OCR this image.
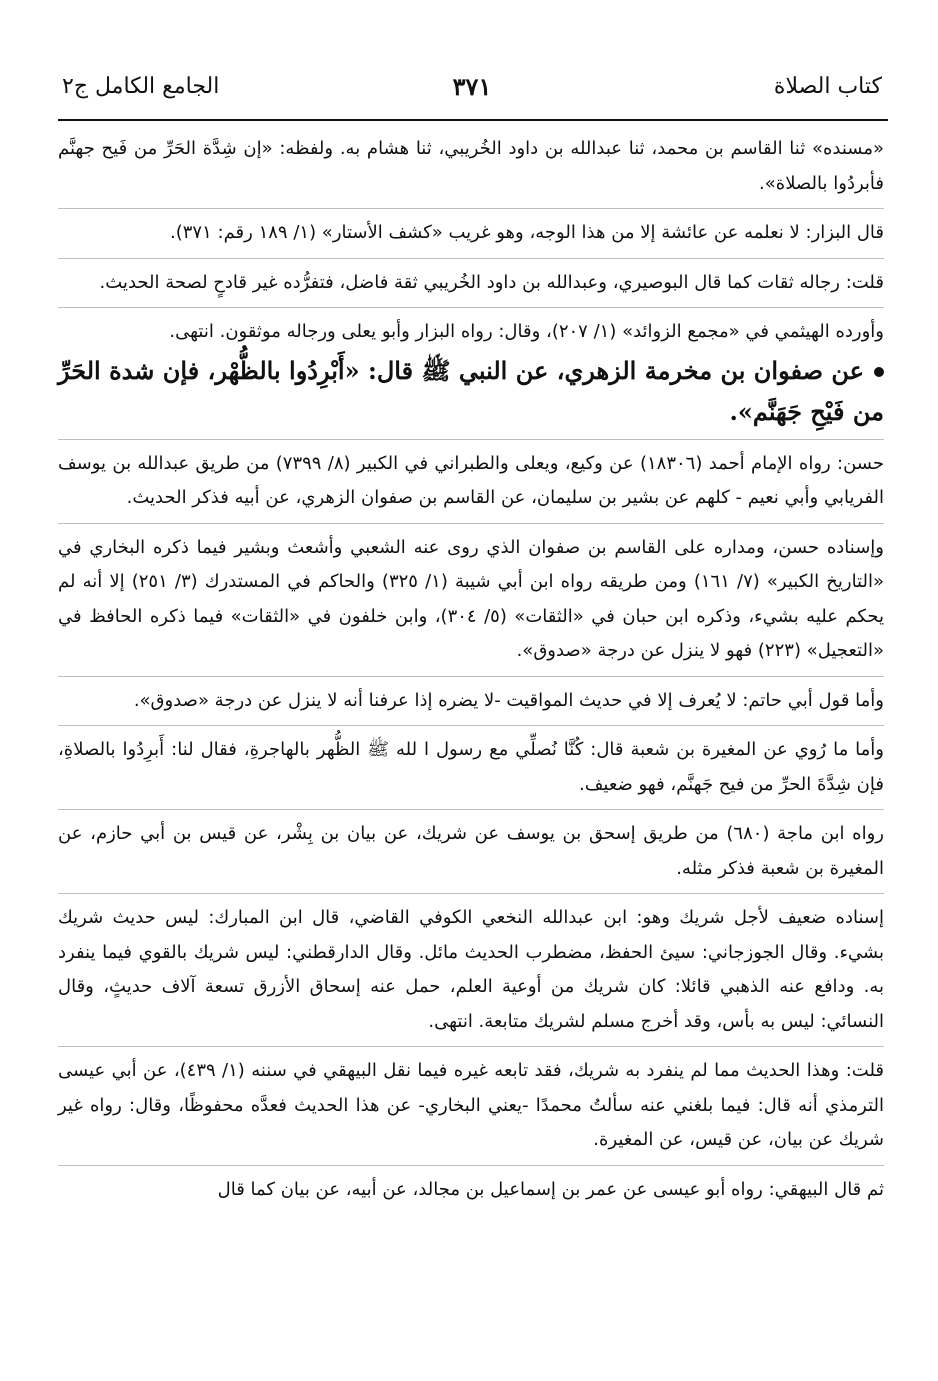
كتاب الصلاة
٣٧١
الجامع الكامل ج٢

«مسنده» ثنا القاسم بن محمد، ثنا عبدالله بن داود الخُريبي، ثنا هشام به. ولفظه: «إن شِدَّة الحَرِّ من فَيح جهنَّم فأبردُوا بالصلاة».

قال البزار: لا نعلمه عن عائشة إلا من هذا الوجه، وهو غريب «كشف الأستار» (١/ ١٨٩ رقم: ٣٧١).

قلت: رجاله ثقات كما قال البوصيري، وعبدالله بن داود الخُريبي ثقة فاضل، فتفرُّده غير قادحٍ لصحة الحديث.

وأورده الهيثمي في «مجمع الزوائد» (١/ ٢٠٧)، وقال: رواه البزار وأبو يعلى ورجاله موثقون. انتهى.

عن صفوان بن مخرمة الزهري، عن النبي ﷺ قال: «أَبْرِدُوا بالظُّهْر، فإن شدة الحَرِّ من فَيْحِ جَهَنَّم».

حسن: رواه الإمام أحمد (١٨٣٠٦) عن وكيع، ويعلى والطبراني في الكبير (٨/ ٧٣٩٩) من طريق عبدالله بن يوسف الفريابي وأبي نعيم - كلهم عن بشير بن سليمان، عن القاسم بن صفوان الزهري، عن أبيه فذكر الحديث.

وإسناده حسن، ومداره على القاسم بن صفوان الذي روى عنه الشعبي وأشعث وبشير فيما ذكره البخاري في «التاريخ الكبير» (٧/ ١٦١) ومن طريقه رواه ابن أبي شيبة (١/ ٣٢٥) والحاكم في المستدرك (٣/ ٢٥١) إلا أنه لم يحكم عليه بشيء، وذكره ابن حبان في «الثقات» (٥/ ٣٠٤)، وابن خلفون في «الثقات» فيما ذكره الحافظ في «التعجيل» (٢٢٣) فهو لا ينزل عن درجة «صدوق».

وأما قول أبي حاتم: لا يُعرف إلا في حديث المواقيت -لا يضره إذا عرفنا أنه لا ينزل عن درجة «صدوق».

وأما ما رُوي عن المغيرة بن شعبة قال: كُنَّا نُصلِّي مع رسول ا لله ﷺ الظُّهر بالهاجرةِ، فقال لنا: أَبرِدُوا بالصلاةِ، فإن شِدَّةَ الحرِّ من فيح جَهنَّم، فهو ضعيف.

رواه ابن ماجة (٦٨٠) من طريق إسحق بن يوسف عن شريك، عن بيان بن بِشْر، عن قيس بن أبي حازم، عن المغيرة بن شعبة فذكر مثله.

إسناده ضعيف لأجل شريك وهو: ابن عبدالله النخعي الكوفي القاضي، قال ابن المبارك: ليس حديث شريك بشيء. وقال الجوزجاني: سيئ الحفظ، مضطرب الحديث مائل. وقال الدارقطني: ليس شريك بالقوي فيما ينفرد به. ودافع عنه الذهبي قائلا: كان شريك من أوعية العلم، حمل عنه إسحاق الأزرق تسعة آلاف حديثٍ، وقال النسائي: ليس به بأس، وقد أخرج مسلم لشريك متابعة. انتهى.

قلت: وهذا الحديث مما لم ينفرد به شريك، فقد تابعه غيره فيما نقل البيهقي في سننه (١/ ٤٣٩)، عن أبي عيسى الترمذي أنه قال: فيما بلغني عنه سألتُ محمدًا -يعني البخاري- عن هذا الحديث فعدَّه محفوظًا، وقال: رواه غير شريك عن بيان، عن قيس، عن المغيرة.

ثم قال البيهقي: رواه أبو عيسى عن عمر بن إسماعيل بن مجالد، عن أبيه، عن بيان كما قال
